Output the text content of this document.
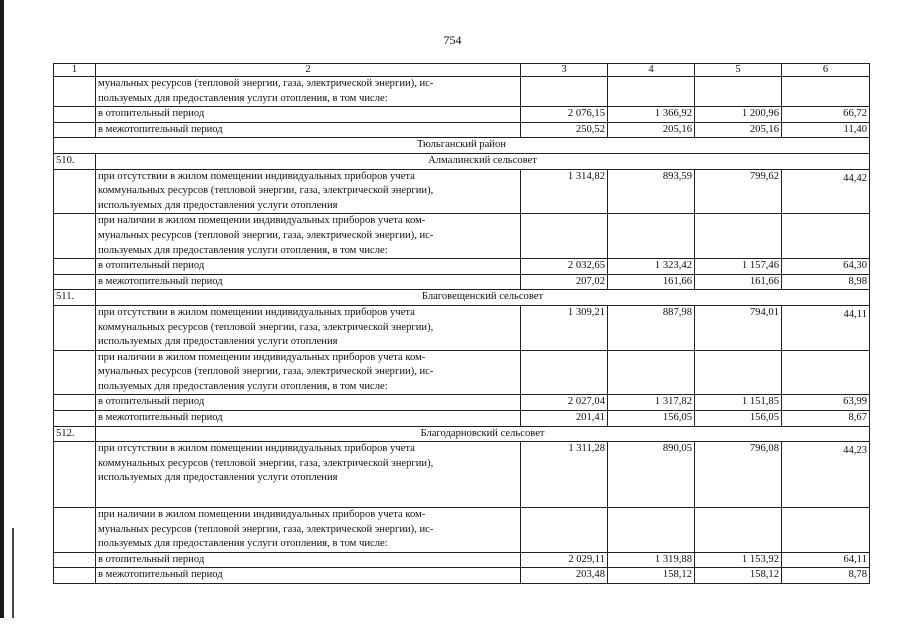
754
1	2	3	4	5	6

	мунальных ресурсов (тепловой энергии, газа, электрической энергии), ис-
пользуемых для предоставления услуги отопления, в том числе:				

	в отопительный период	2 076,15	1 366,92	1 200,96	66,72
	в межотопительный период	250,52	205,16	205,16	11,40
Тюльганский район					
510.	Алмалинский сельсовет				

	при отсутствии в жилом помещении индивидуальных приборов учета
коммунальных ресурсов (тепловой энергии, газа, электрической энергии),
используемых для предоставления услуги отопления	1 314,82	893,59	799,62	44,42

	при наличии в жилом помещении индивидуальных приборов учета ком-
мунальных ресурсов (тепловой энергии, газа, электрической энергии), ис-
пользуемых для предоставления услуги отопления, в том числе:				

	в отопительный период	2 032,65	1 323,42	1 157,46	64,30
	в межотопительный период	207,02	161,66	161,66	8,98
511.	Благовещенский сельсовет				

	при отсутствии в жилом помещении индивидуальных приборов учета
коммунальных ресурсов (тепловой энергии, газа, электрической энергии),
используемых для предоставления услуги отопления	1 309,21	887,98	794,01	44,11

	при наличии в жилом помещении индивидуальных приборов учета ком-
мунальных ресурсов (тепловой энергии, газа, электрической энергии), ис-
пользуемых для предоставления услуги отопления, в том числе:				

	в отопительный период	2 027,04	1 317,82	1 151,85	63,99
	в межотопительный период	201,41	156,05	156,05	8,67
512.	Благодарновский сельсовет				

	при отсутствии в жилом помещении индивидуальных приборов учета
коммунальных ресурсов (тепловой энергии, газа, электрической энергии),
используемых для предоставления услуги отопления	1 311,28	890,05	796,08	44,23

	при наличии в жилом помещении индивидуальных приборов учета ком-
мунальных ресурсов (тепловой энергии, газа, электрической энергии), ис-
пользуемых для предоставления услуги отопления, в том числе:				

	в отопительный период	2 029,11	1 319,88	1 153,92	64,11
	в межотопительный период	203,48	158,12	158,12	8,78
